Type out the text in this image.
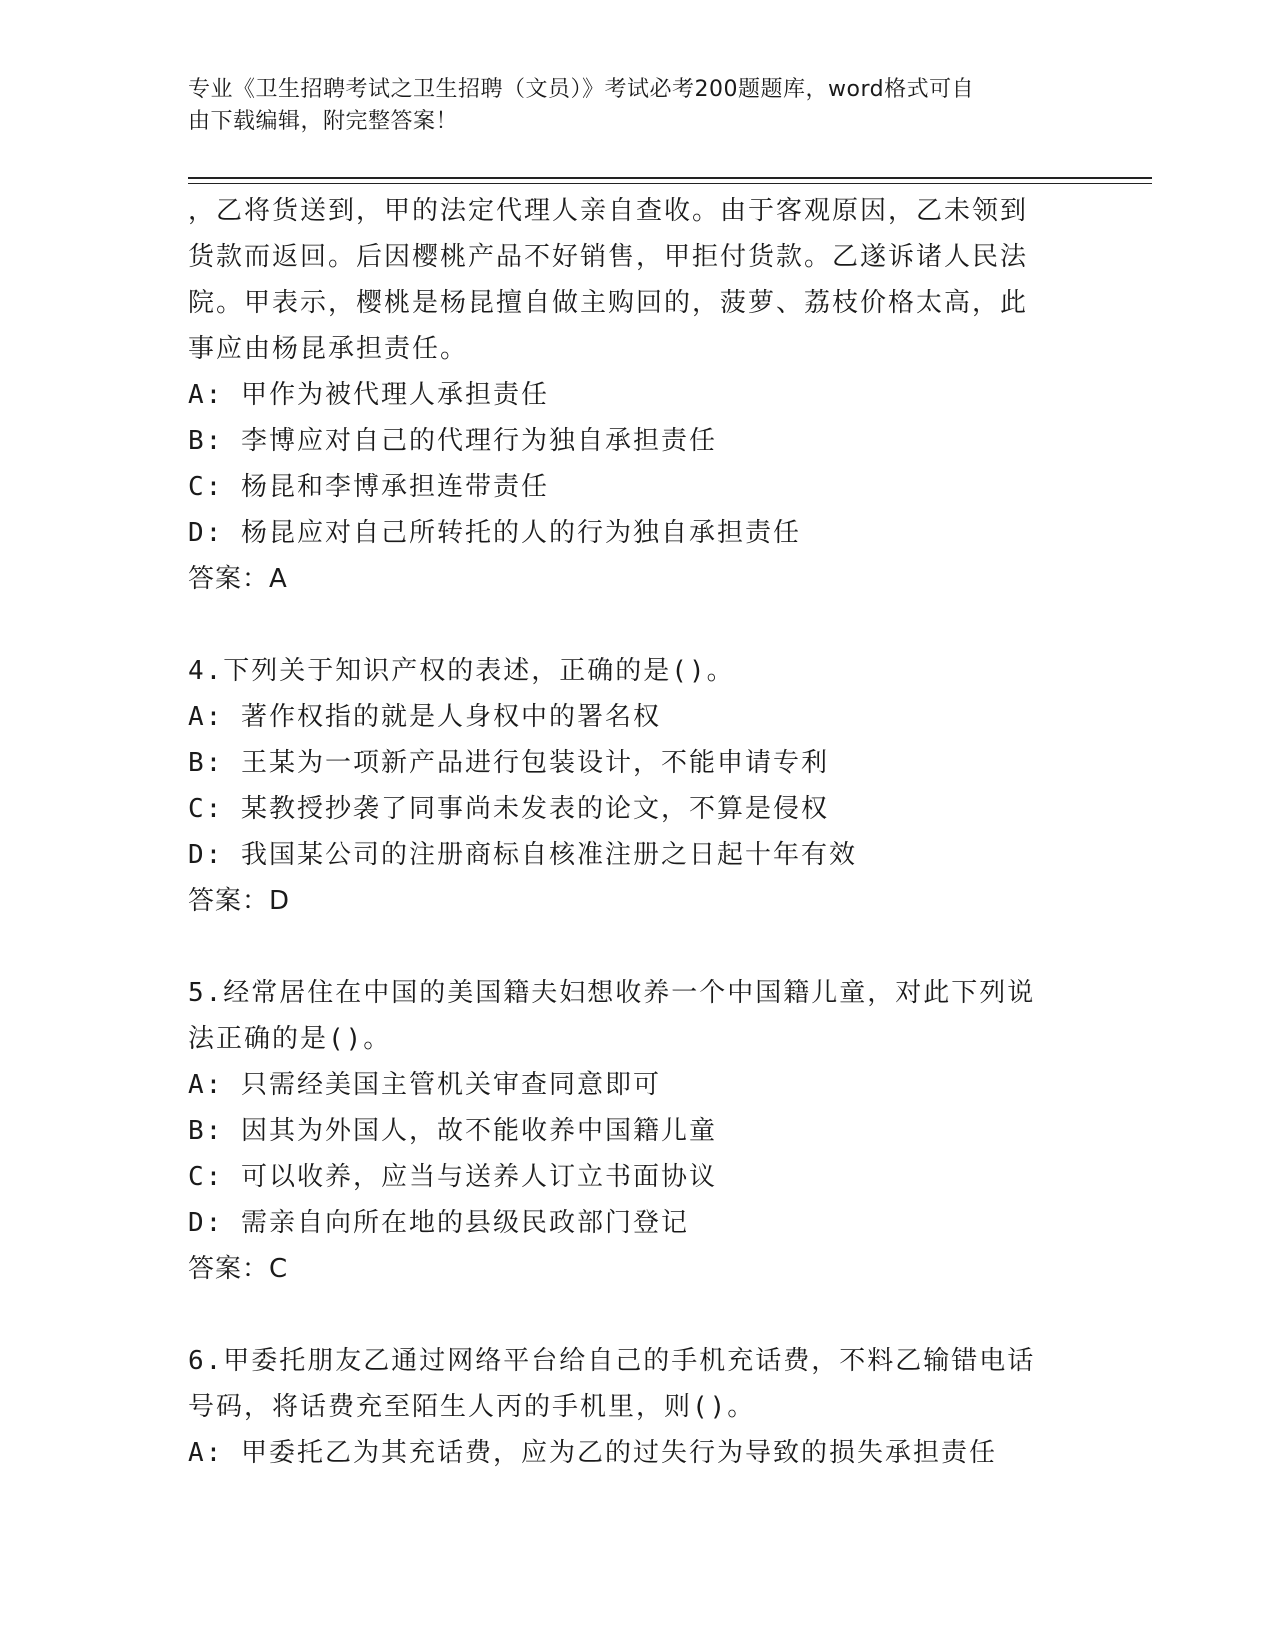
专业《卫生招聘考试之卫生招聘（文员）》考试必考200题题库，word格式可自
由下载编辑，附完整答案！

，乙将货送到，甲的法定代理人亲自查收。由于客观原因，乙未领到

货款而返回。后因樱桃产品不好销售，甲拒付货款。乙遂诉诸人民法

院。甲表示，樱桃是杨昆擅自做主购回的，菠萝、荔枝价格太高，此

事应由杨昆承担责任。

A: 甲作为被代理人承担责任

B: 李博应对自己的代理行为独自承担责任

C: 杨昆和李博承担连带责任

D: 杨昆应对自己所转托的人的行为独自承担责任

答案：A

4.下列关于知识产权的表述，正确的是()。

A: 著作权指的就是人身权中的署名权

B: 王某为一项新产品进行包装设计，不能申请专利

C: 某教授抄袭了同事尚未发表的论文，不算是侵权

D: 我国某公司的注册商标自核准注册之日起十年有效

答案：D

5.经常居住在中国的美国籍夫妇想收养一个中国籍儿童，对此下列说

法正确的是()。

A: 只需经美国主管机关审查同意即可

B: 因其为外国人，故不能收养中国籍儿童

C: 可以收养，应当与送养人订立书面协议

D: 需亲自向所在地的县级民政部门登记

答案：C

6.甲委托朋友乙通过网络平台给自己的手机充话费，不料乙输错电话

号码，将话费充至陌生人丙的手机里，则()。

A: 甲委托乙为其充话费，应为乙的过失行为导致的损失承担责任
